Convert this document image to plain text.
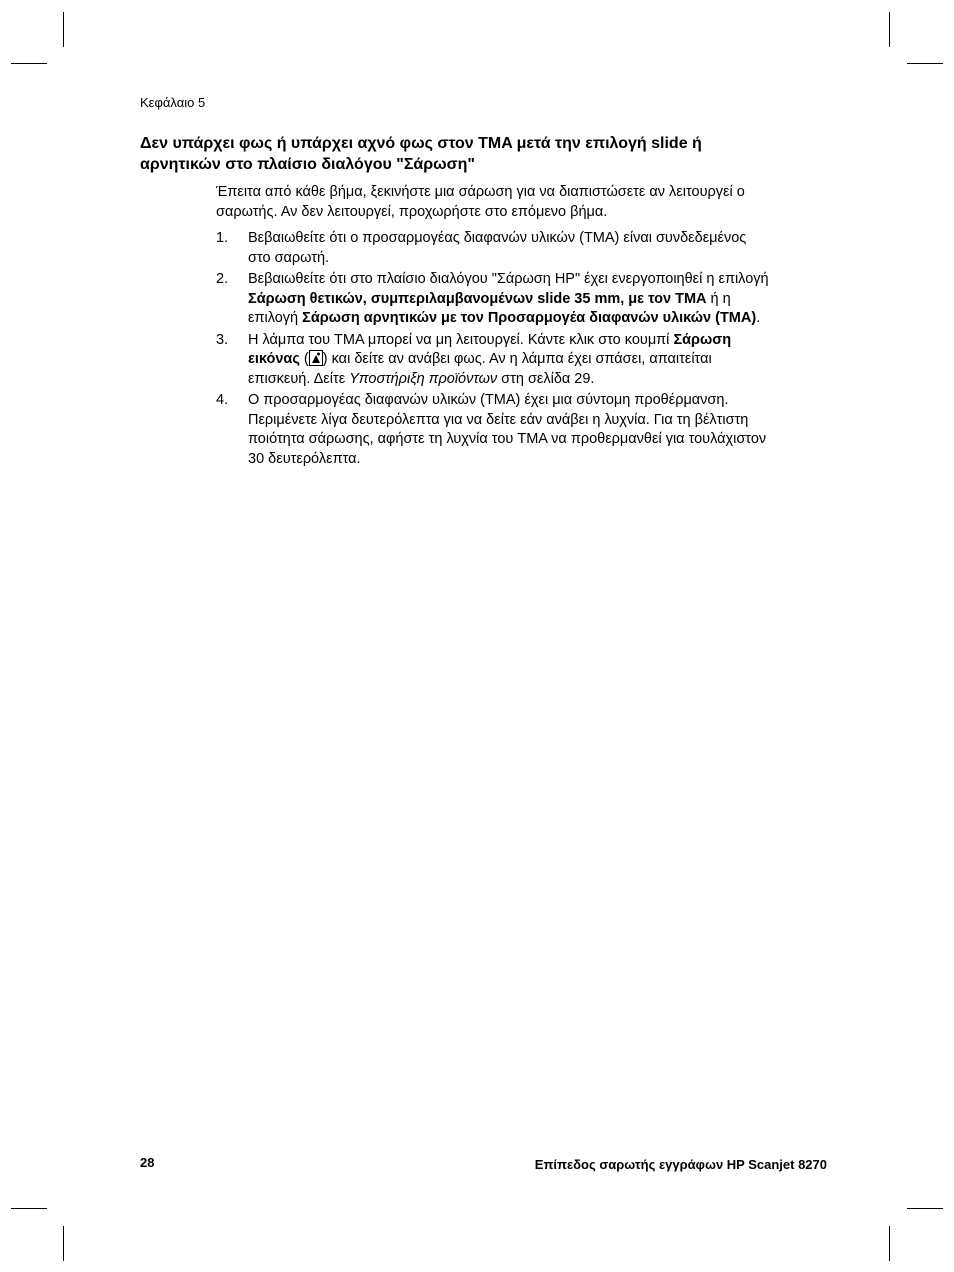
Κεφάλαιο 5
Δεν υπάρχει φως ή υπάρχει αχνό φως στον TMA μετά την επιλογή slide ή
αρνητικών στο πλαίσιο διαλόγου "Σάρωση"

Έπειτα από κάθε βήμα, ξεκινήστε μια σάρωση για να διαπιστώσετε αν λειτουργεί ο
σαρωτής. Αν δεν λειτουργεί, προχωρήστε στο επόμενο βήμα.

1. Βεβαιωθείτε ότι ο προσαρμογέας διαφανών υλικών (TMA) είναι συνδεδεμένος
στο σαρωτή.
2. Βεβαιωθείτε ότι στο πλαίσιο διαλόγου "Σάρωση HP" έχει ενεργοποιηθεί η επιλογή
Σάρωση θετικών, συμπεριλαμβανομένων slide 35 mm, με τον TMA ή η
επιλογή Σάρωση αρνητικών με τον Προσαρμογέα διαφανών υλικών (TMA).
3. Η λάμπα του TMA μπορεί να μη λειτουργεί. Κάντε κλικ στο κουμπί Σάρωση
εικόνας ( ) και δείτε αν ανάβει φως. Αν η λάμπα έχει σπάσει, απαιτείται
επισκευή. Δείτε Υποστήριξη προϊόντων στη σελίδα 29.
4. Ο προσαρμογέας διαφανών υλικών (TMA) έχει μια σύντομη προθέρμανση.
Περιμένετε λίγα δευτερόλεπτα για να δείτε εάν ανάβει η λυχνία. Για τη βέλτιστη
ποιότητα σάρωσης, αφήστε τη λυχνία του TMA να προθερμανθεί για τουλάχιστον
30 δευτερόλεπτα.
28	Επίπεδος σαρωτής εγγράφων HP Scanjet 8270
